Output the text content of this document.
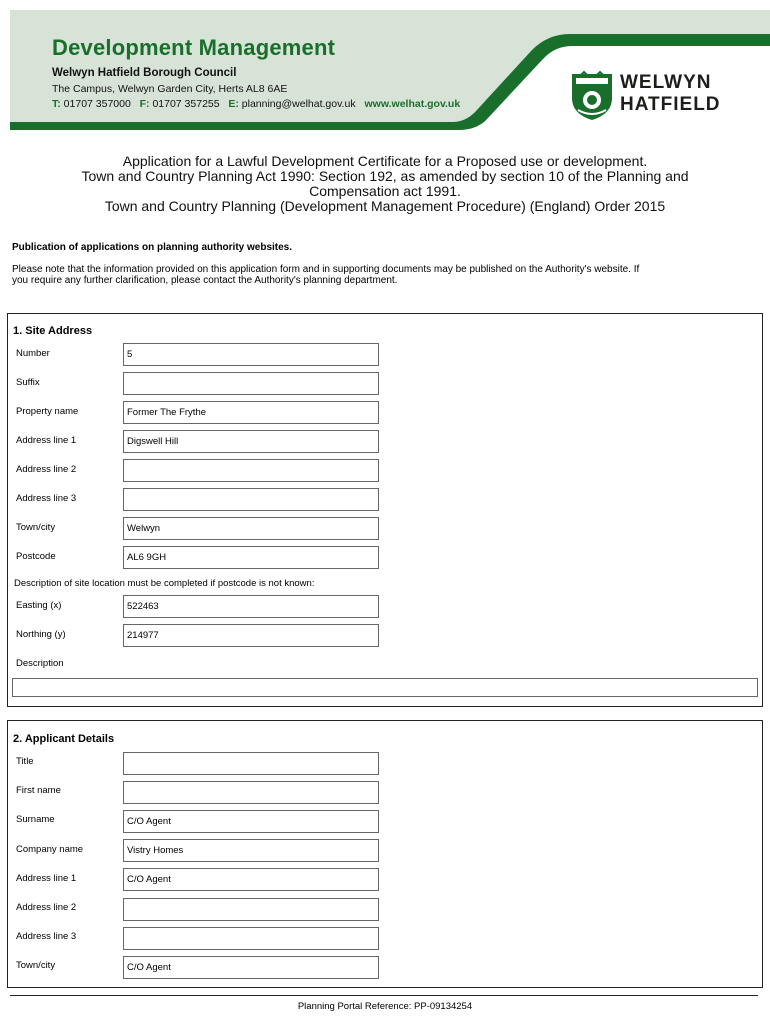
Development Management
Welwyn Hatfield Borough Council
The Campus, Welwyn Garden City, Herts AL8 6AE
T: 01707 357000 F: 01707 357255 E: planning@welhat.gov.uk www.welhat.gov.uk
WELWYN
HATFIELD
Application for a Lawful Development Certificate for a Proposed use or development.
Town and Country Planning Act 1990: Section 192, as amended by section 10 of the Planning and
Compensation act 1991.
Town and Country Planning (Development Management Procedure) (England) Order 2015
Publication of applications on planning authority websites.
Please note that the information provided on this application form and in supporting documents may be published on the Authority's website. If
you require any further clarification, please contact the Authority's planning department.
1. Site Address
Number	5
Suffix
Property name	Former The Frythe
Address line 1	Digswell Hill
Address line 2
Address line 3
Town/city	Welwyn
Postcode	AL6 9GH
Description of site location must be completed if postcode is not known:
Easting (x)	522463
Northing (y)	214977
Description
2. Applicant Details
Title
First name
Surname	C/O Agent
Company name	Vistry Homes
Address line 1	C/O Agent
Address line 2
Address line 3
Town/city	C/O Agent
Planning Portal Reference: PP-09134254
